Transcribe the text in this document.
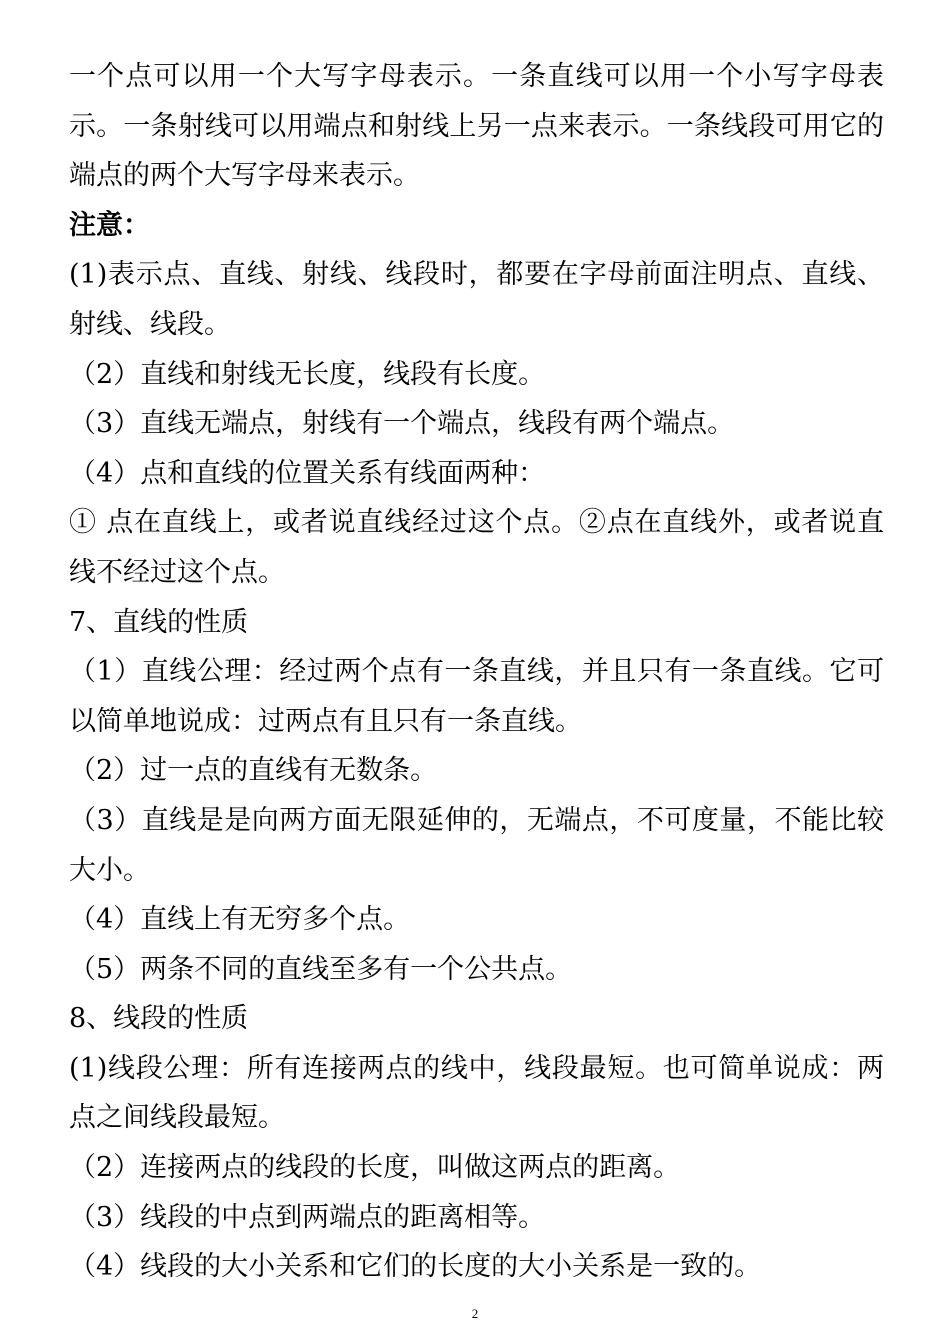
一个点可以用一个大写字母表示。一条直线可以用一个小写字母表示。一条射线可以用端点和射线上另一点来表示。一条线段可用它的端点的两个大写字母来表示。

注意：

(1)表示点、直线、射线、线段时，都要在字母前面注明点、直线、射线、线段。

（2）直线和射线无长度，线段有长度。

（3）直线无端点，射线有一个端点，线段有两个端点。

（4）点和直线的位置关系有线面两种：

① 点在直线上，或者说直线经过这个点。②点在直线外，或者说直线不经过这个点。

7、直线的性质

（1）直线公理：经过两个点有一条直线，并且只有一条直线。它可以简单地说成：过两点有且只有一条直线。

（2）过一点的直线有无数条。

（3）直线是是向两方面无限延伸的，无端点，不可度量，不能比较大小。

（4）直线上有无穷多个点。

（5）两条不同的直线至多有一个公共点。

8、线段的性质

(1)线段公理：所有连接两点的线中，线段最短。也可简单说成：两点之间线段最短。

（2）连接两点的线段的长度，叫做这两点的距离。

（3）线段的中点到两端点的距离相等。

（4）线段的大小关系和它们的长度的大小关系是一致的。

2
